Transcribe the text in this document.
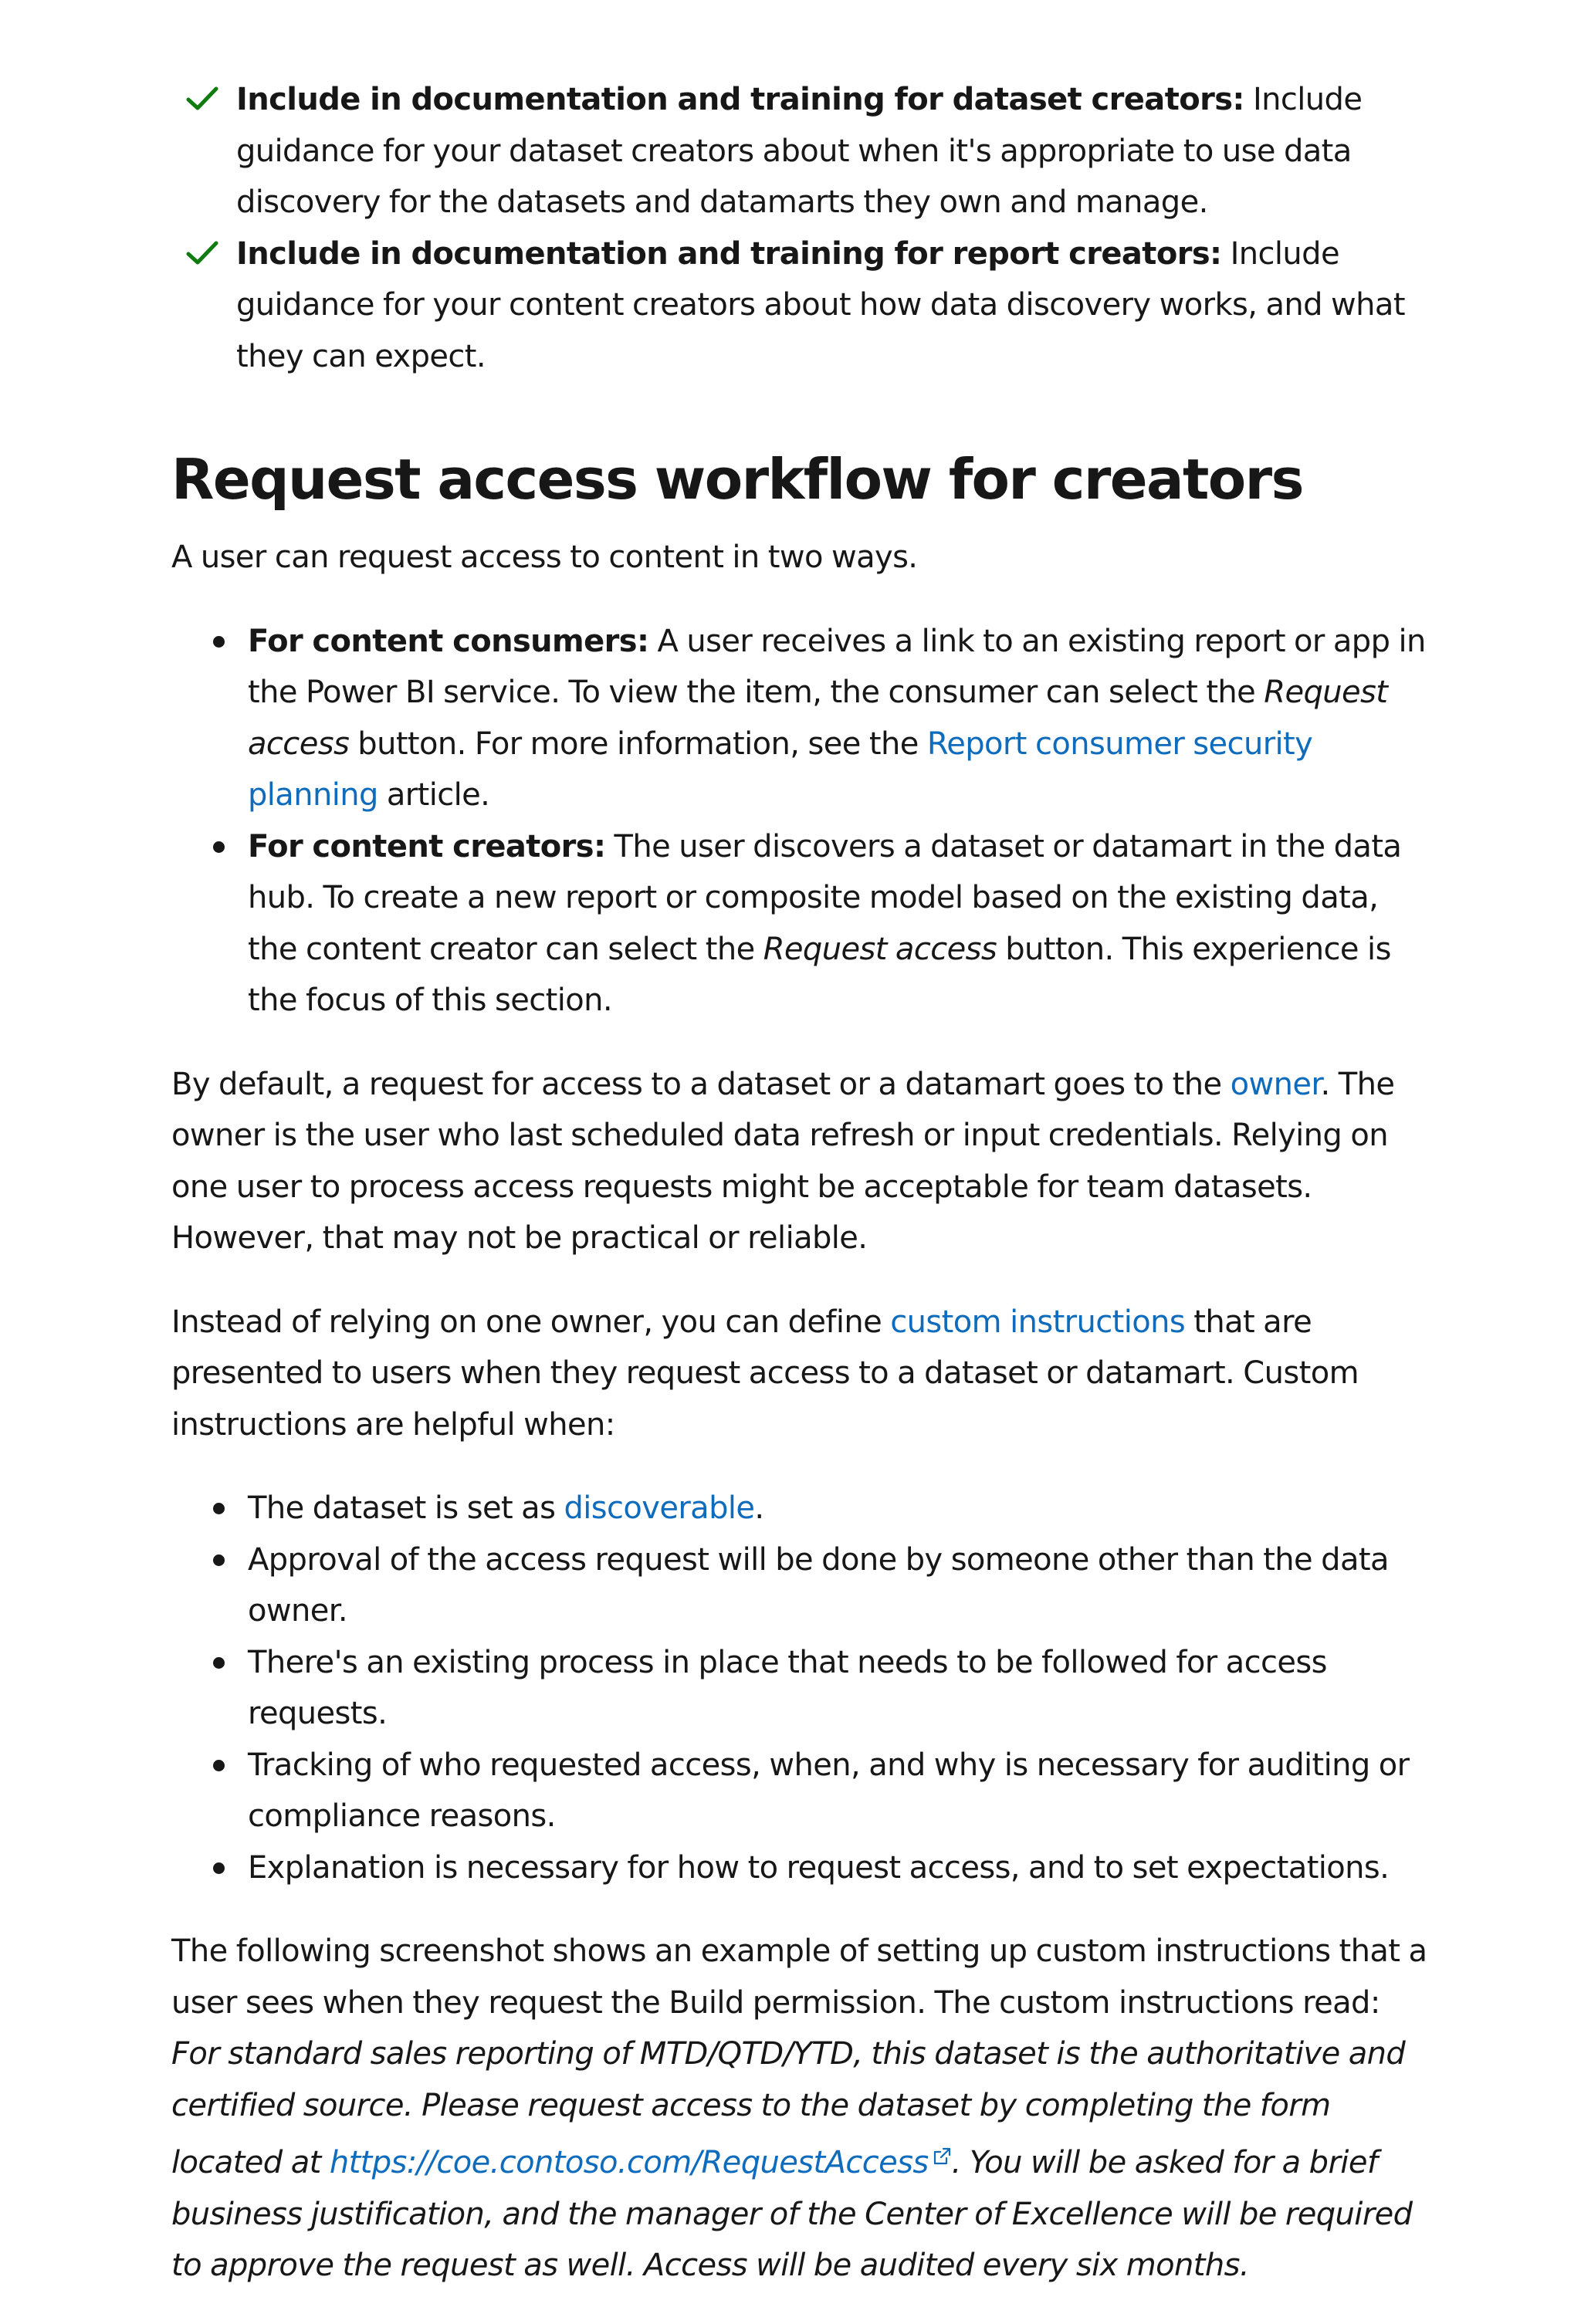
Include in documentation and training for dataset creators: Include guidance for your dataset creators about when it's appropriate to use data discovery for the datasets and datamarts they own and manage.
Include in documentation and training for report creators: Include guidance for your content creators about how data discovery works, and what they can expect.
Request access workflow for creators

A user can request access to content in two ways.

For content consumers: A user receives a link to an existing report or app in the Power BI service. To view the item, the consumer can select the Request access button. For more information, see the Report consumer security planning article.
For content creators: The user discovers a dataset or datamart in the data hub. To create a new report or composite model based on the existing data, the content creator can select the Request access button. This experience is the focus of this section.

By default, a request for access to a dataset or a datamart goes to the owner. The owner is the user who last scheduled data refresh or input credentials. Relying on one user to process access requests might be acceptable for team datasets. However, that may not be practical or reliable.

Instead of relying on one owner, you can define custom instructions that are presented to users when they request access to a dataset or datamart. Custom instructions are helpful when:

The dataset is set as discoverable.
Approval of the access request will be done by someone other than the data owner.
There's an existing process in place that needs to be followed for access requests.
Tracking of who requested access, when, and why is necessary for auditing or compliance reasons.
Explanation is necessary for how to request access, and to set expectations.

The following screenshot shows an example of setting up custom instructions that a user sees when they request the Build permission. The custom instructions read: For standard sales reporting of MTD/QTD/YTD, this dataset is the authoritative and certified source. Please request access to the dataset by completing the form located at https://coe.contoso.com/RequestAccess . You will be asked for a brief business justification, and the manager of the Center of Excellence will be required to approve the request as well. Access will be audited every six months.
